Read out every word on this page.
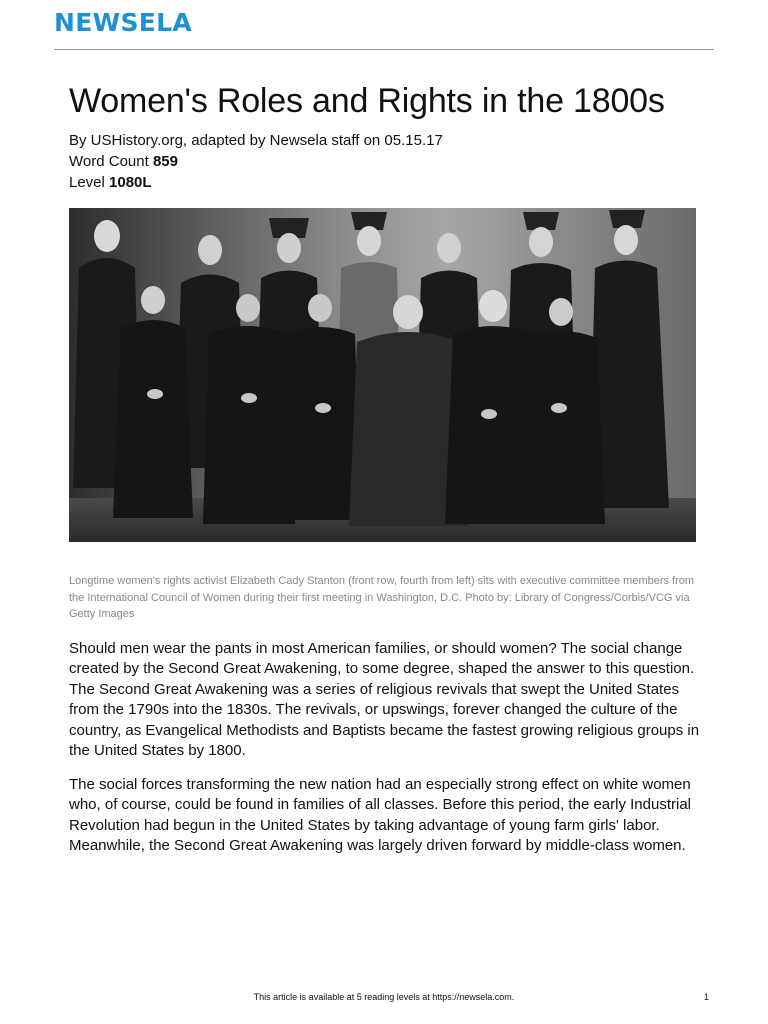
NEWSELA
Women's Roles and Rights in the 1800s
By USHistory.org, adapted by Newsela staff on 05.15.17
Word Count 859
Level 1080L

Longtime women's rights activist Elizabeth Cady Stanton (front row, fourth from left) sits with executive committee members from the International Council of Women during their first meeting in Washington, D.C. Photo by: Library of Congress/Corbis/VCG via Getty Images

Should men wear the pants in most American families, or should women? The social change created by the Second Great Awakening, to some degree, shaped the answer to this question. The Second Great Awakening was a series of religious revivals that swept the United States from the 1790s into the 1830s. The revivals, or upswings, forever changed the culture of the country, as Evangelical Methodists and Baptists became the fastest growing religious groups in the United States by 1800.

The social forces transforming the new nation had an especially strong effect on white women who, of course, could be found in families of all classes. Before this period, the early Industrial Revolution had begun in the United States by taking advantage of young farm girls' labor. Meanwhile, the Second Great Awakening was largely driven forward by middle-class women.

This article is available at 5 reading levels at https://newsela.com.	1
